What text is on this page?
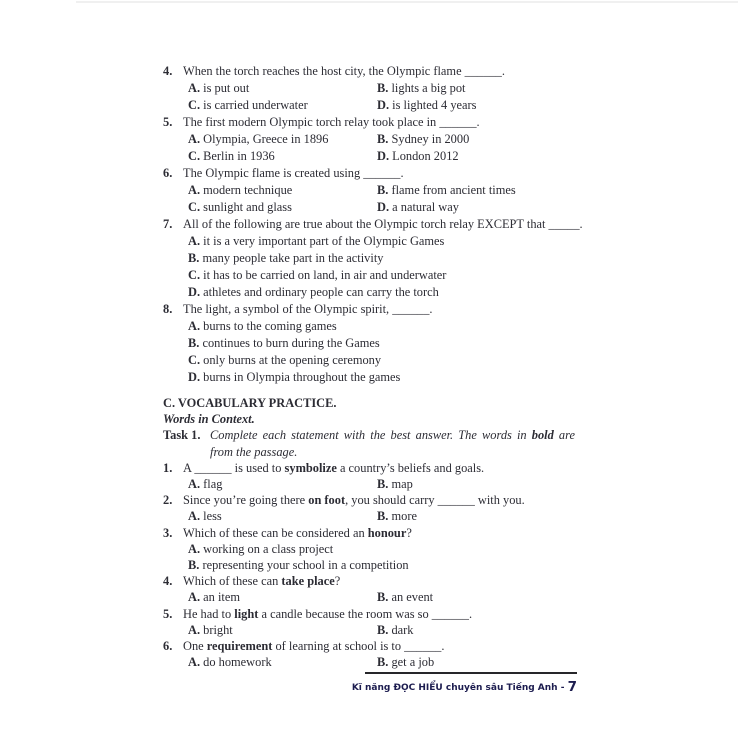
4. When the torch reaches the host city, the Olympic flame ______.
A. is put out	B. lights a big pot
C. is carried underwater	D. is lighted 4 years
5. The first modern Olympic torch relay took place in ______.
A. Olympia, Greece in 1896	B. Sydney in 2000
C. Berlin in 1936	D. London 2012
6. The Olympic flame is created using ______.
A. modern technique	B. flame from ancient times
C. sunlight and glass	D. a natural way
7. All of the following are true about the Olympic torch relay EXCEPT that _____.
A. it is a very important part of the Olympic Games
B. many people take part in the activity
C. it has to be carried on land, in air and underwater
D. athletes and ordinary people can carry the torch
8. The light, a symbol of the Olympic spirit, ______.
A. burns to the coming games
B. continues to burn during the Games
C. only burns at the opening ceremony
D. burns in Olympia throughout the games
C. VOCABULARY PRACTICE.
Words in Context.
Task 1. Complete each statement with the best answer. The words in bold are
from the passage.
1. A ______ is used to symbolize a country’s beliefs and goals.
A. flag	B. map
2. Since you’re going there on foot, you should carry ______ with you.
A. less	B. more
3. Which of these can be considered an honour?
A. working on a class project
B. representing your school in a competition
4. Which of these can take place?
A. an item	B. an event
5. He had to light a candle because the room was so ______.
A. bright	B. dark
6. One requirement of learning at school is to ______.
A. do homework	B. get a job
Kĩ năng ĐỌC HIỂU chuyên sâu Tiếng Anh - 7
